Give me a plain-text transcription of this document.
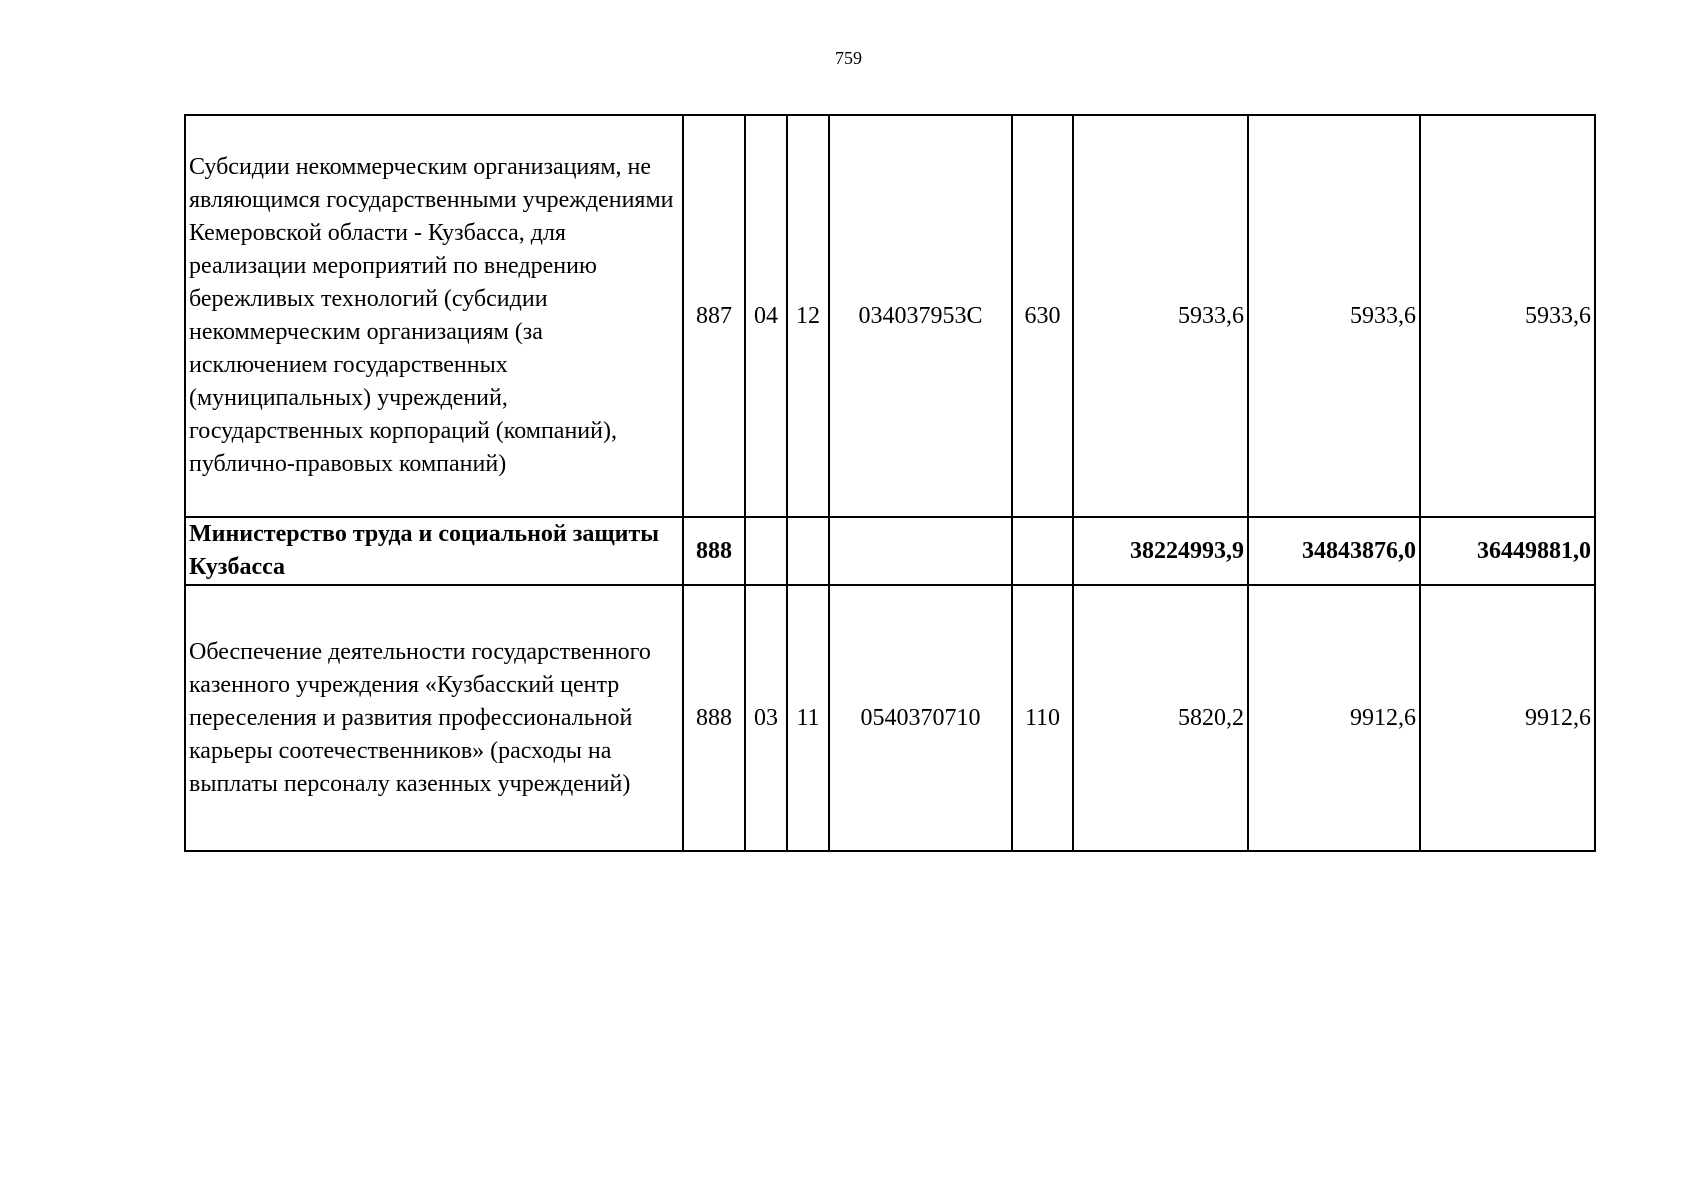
759
Субсидии некоммерческим организациям, не являющимся государственными учреждениями Кемеровской области - Кузбасса, для реализации мероприятий по внедрению бережливых технологий (субсидии некоммерческим организациям (за исключением государственных (муниципальных) учреждений, государственных корпораций (компаний), публично-правовых компаний)	887	04	12	034037953С	630	5933,6	5933,6	5933,6
Министерство труда и социальной защиты Кузбасса	888					38224993,9	34843876,0	36449881,0
Обеспечение деятельности государственного казенного учреждения «Кузбасский центр переселения и развития профессиональной карьеры соотечественников» (расходы на выплаты персоналу казенных учреждений)	888	03	11	0540370710	110	5820,2	9912,6	9912,6
